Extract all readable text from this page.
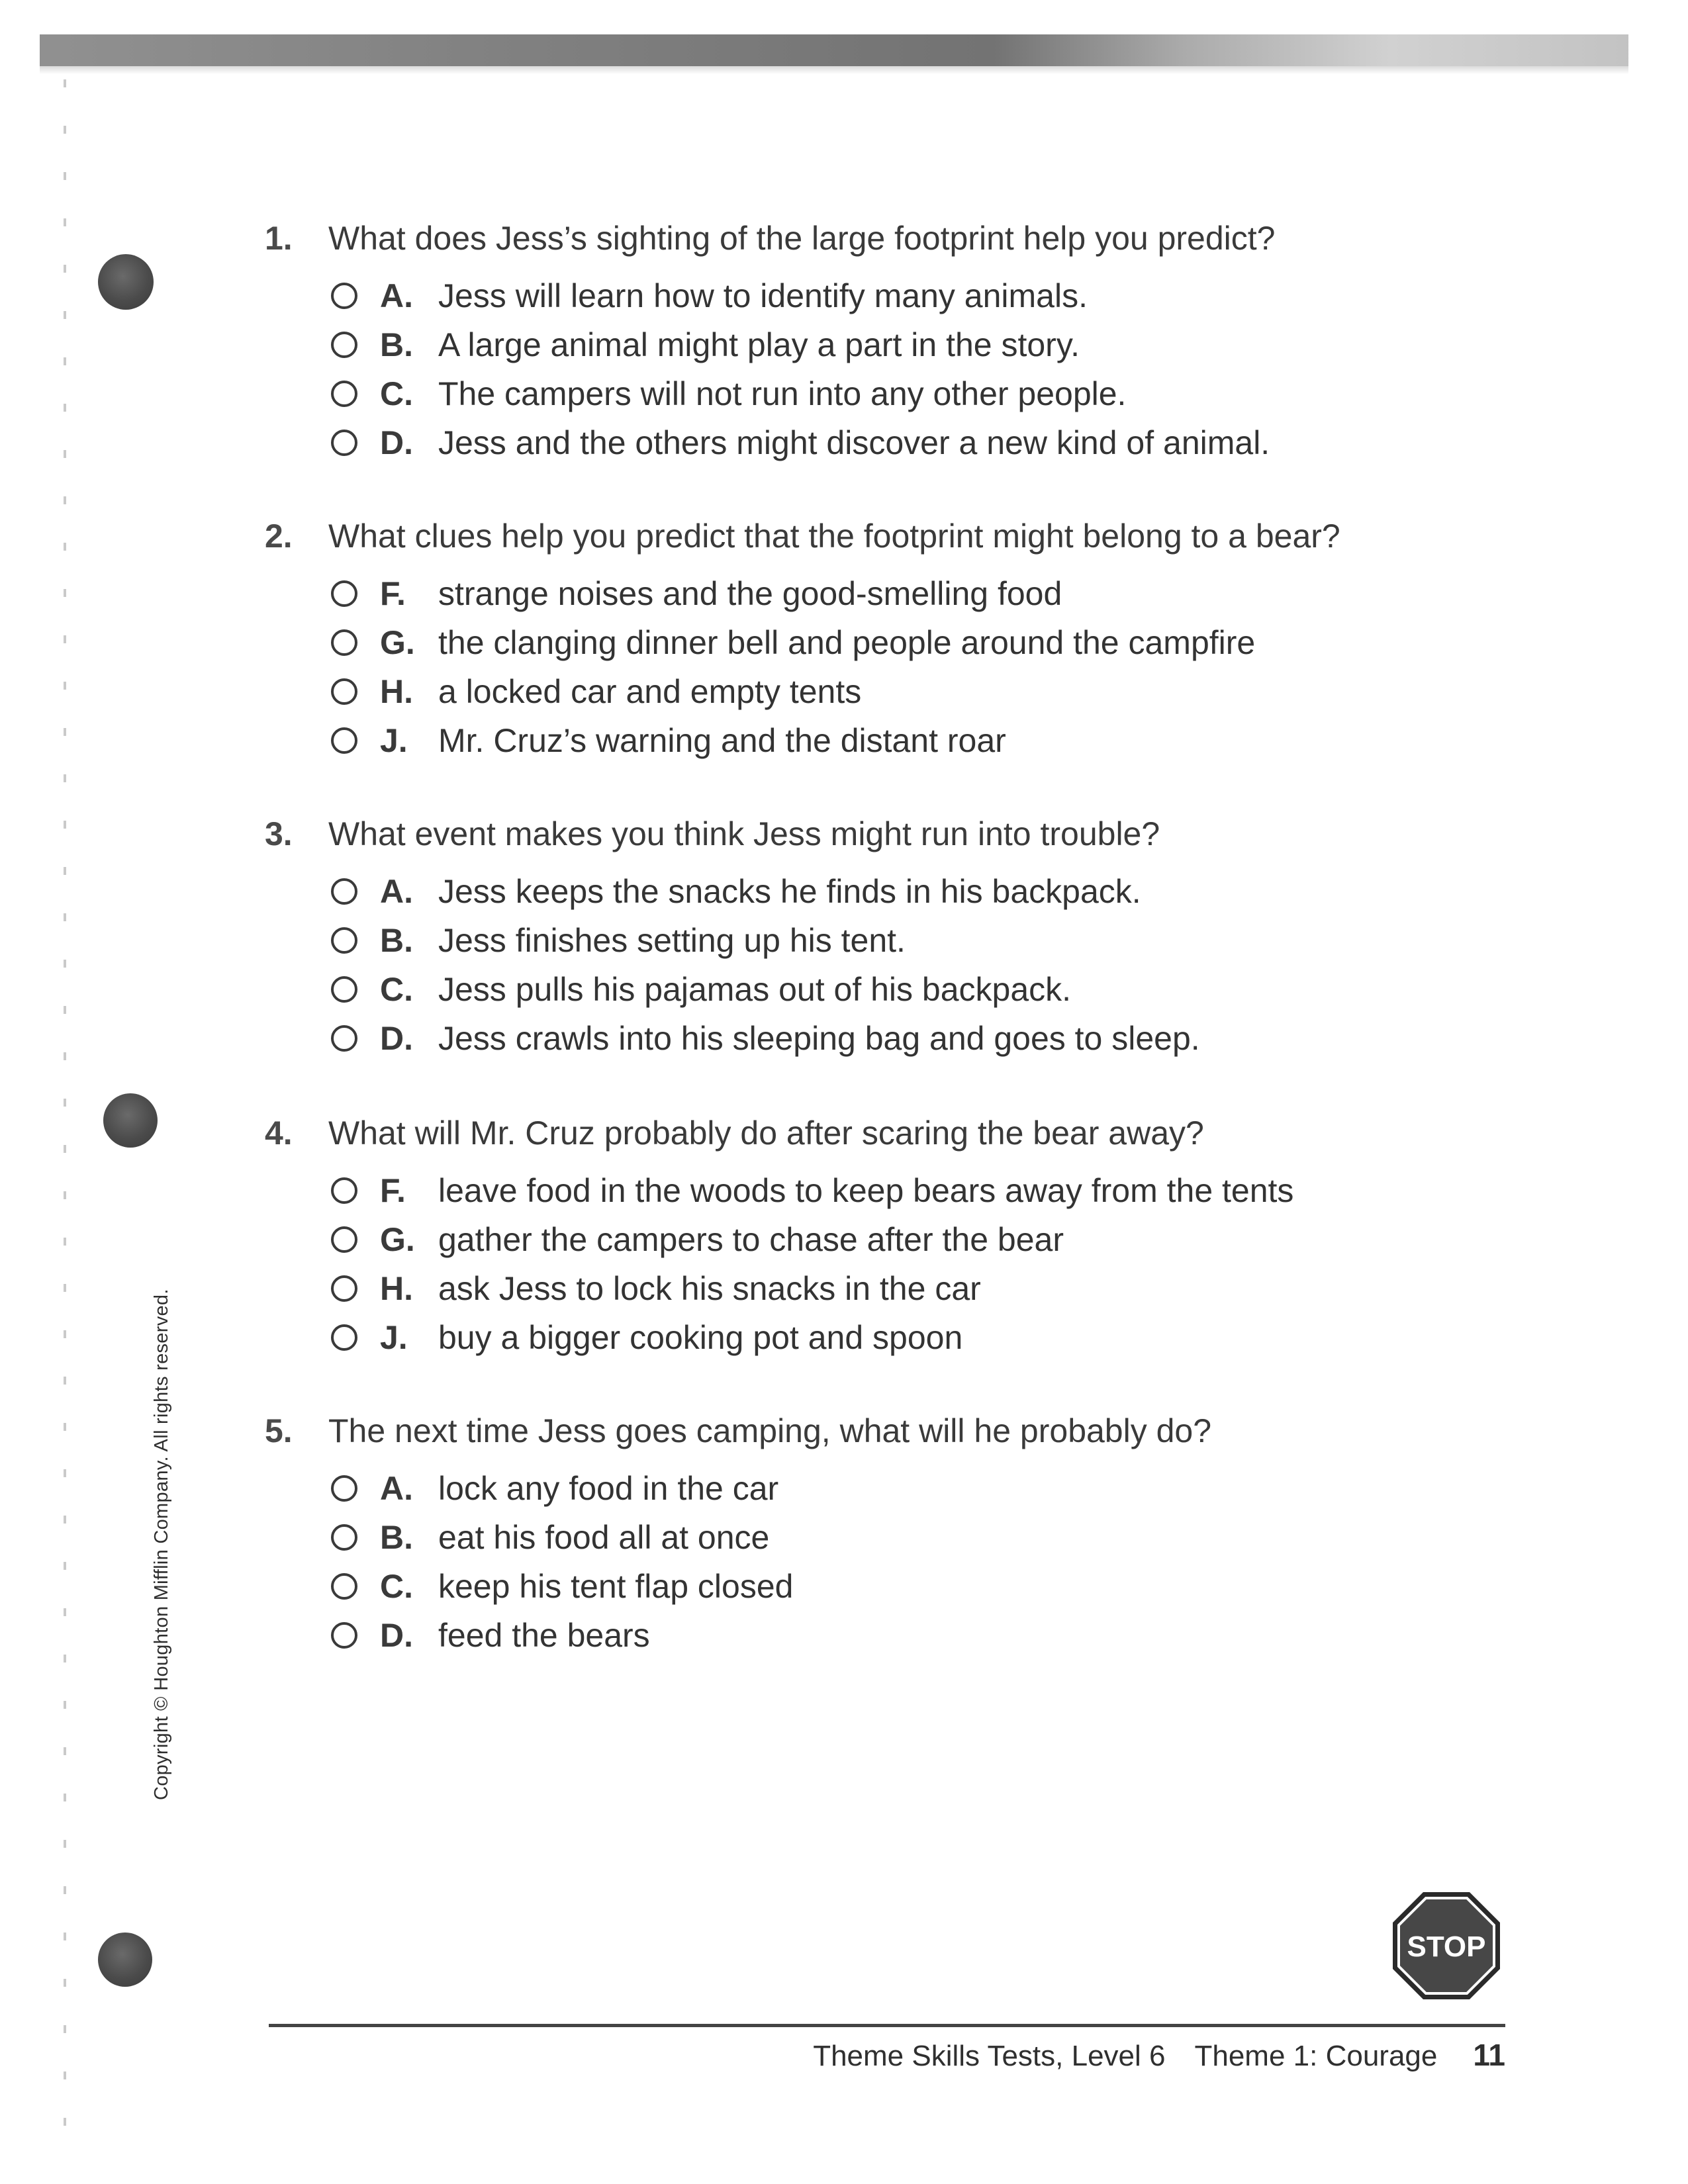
Copyright © Houghton Mifflin Company. All rights reserved.
1.	What does Jess’s sighting of the large footprint help you predict?
A. Jess will learn how to identify many animals.
B. A large animal might play a part in the story.
C. The campers will not run into any other people.
D. Jess and the others might discover a new kind of animal.
2.	What clues help you predict that the footprint might belong to a bear?
F. strange noises and the good-smelling food
G. the clanging dinner bell and people around the campfire
H. a locked car and empty tents
J. Mr. Cruz’s warning and the distant roar
3.	What event makes you think Jess might run into trouble?
A. Jess keeps the snacks he finds in his backpack.
B. Jess finishes setting up his tent.
C. Jess pulls his pajamas out of his backpack.
D. Jess crawls into his sleeping bag and goes to sleep.
4.	What will Mr. Cruz probably do after scaring the bear away?
F. leave food in the woods to keep bears away from the tents
G. gather the campers to chase after the bear
H. ask Jess to lock his snacks in the car
J. buy a bigger cooking pot and spoon
5.	The next time Jess goes camping, what will he probably do?
A. lock any food in the car
B. eat his food all at once
C. keep his tent flap closed
D. feed the bears
STOP
Theme Skills Tests, Level 6 Theme 1: Courage 11
